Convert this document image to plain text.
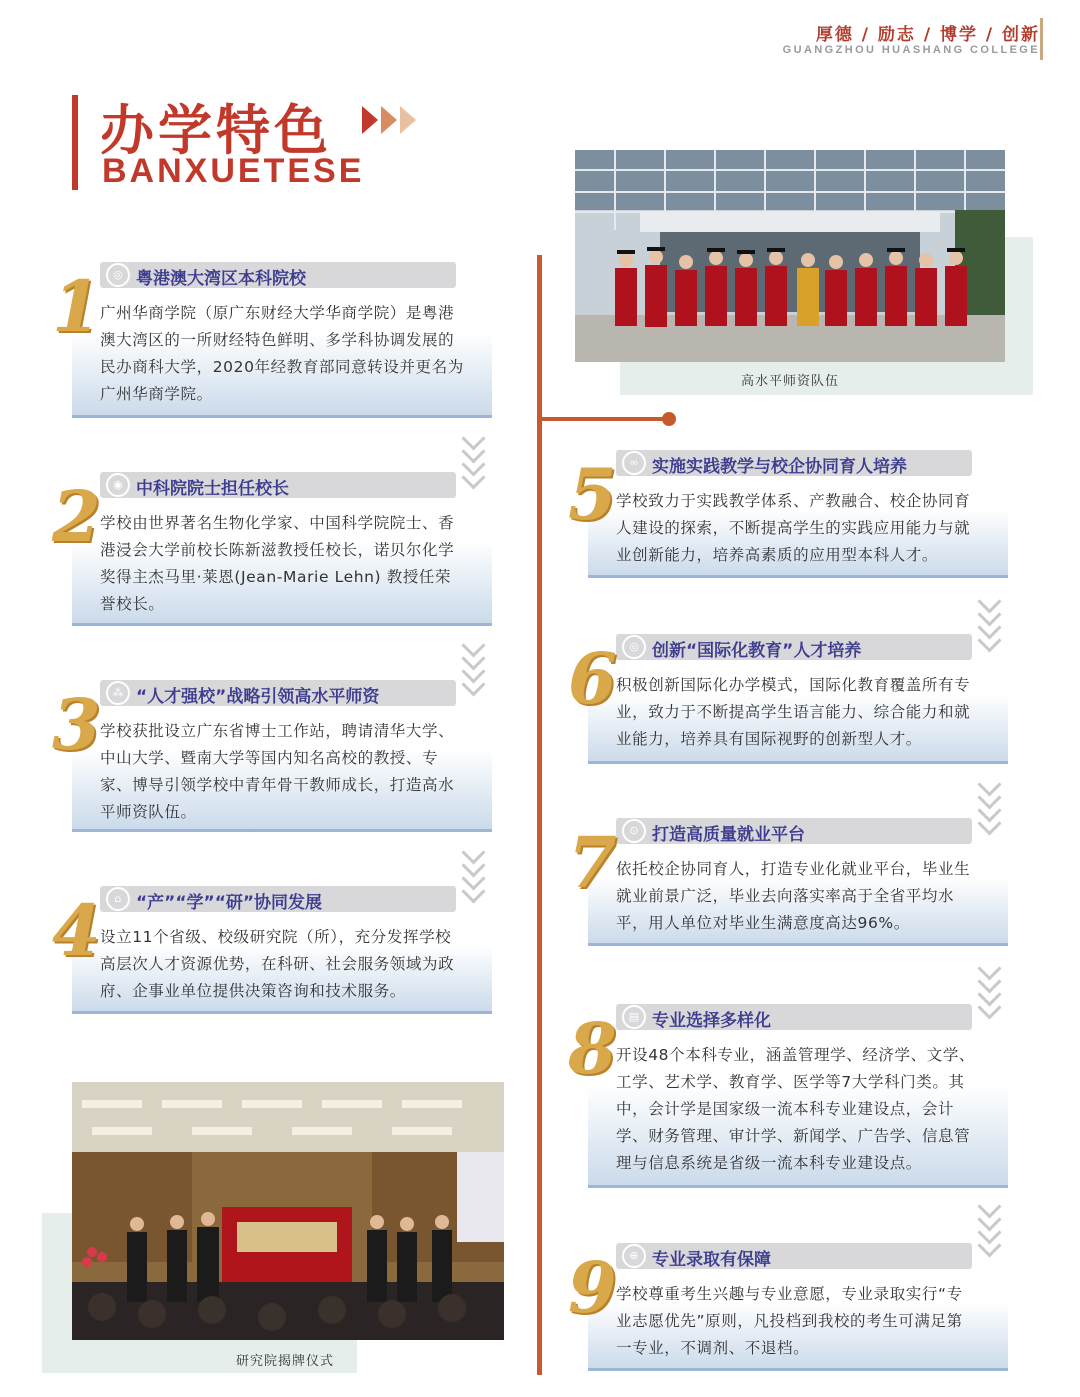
厚德 / 励志 / 博学 / 创新
GUANGZHOU HUASHANG COLLEGE
办学特色
BANXUETESE
高水平师资队伍
研究院揭牌仪式
◎ 粤港澳大湾区本科院校
1 广州华商学院（原广东财经大学华商学院）是粤港
澳大湾区的一所财经特色鲜明、多学科协调发展的
民办商科大学，2020年经教育部同意转设并更名为
广州华商学院。
◉ 中科院院士担任校长
2 学校由世界著名生物化学家、中国科学院院士、香
港浸会大学前校长陈新滋教授任校长，诺贝尔化学
奖得主杰马里·莱恩(Jean-Marie Lehn) 教授任荣
誉校长。
⁂ “人才强校”战略引领高水平师资
3 学校获批设立广东省博士工作站，聘请清华大学、
中山大学、暨南大学等国内知名高校的教授、专
家、博导引领学校中青年骨干教师成长，打造高水
平师资队伍。
⌂ “产”“学”“研”协同发展
4 设立11个省级、校级研究院（所），充分发挥学校
高层次人才资源优势，在科研、社会服务领域为政
府、企事业单位提供决策咨询和技术服务。
∞ 实施实践教学与校企协同育人培养
5 学校致力于实践教学体系、产教融合、校企协同育
人建设的探索，不断提高学生的实践应用能力与就
业创新能力，培养高素质的应用型本科人才。
◎ 创新“国际化教育”人才培养
6 积极创新国际化办学模式，国际化教育覆盖所有专
业，致力于不断提高学生语言能力、综合能力和就
业能力，培养具有国际视野的创新型人才。
⊙ 打造高质量就业平台
7 依托校企协同育人，打造专业化就业平台，毕业生
就业前景广泛，毕业去向落实率高于全省平均水
平，用人单位对毕业生满意度高达96%。
▤ 专业选择多样化
8 开设48个本科专业，涵盖管理学、经济学、文学、
工学、艺术学、教育学、医学等7大学科门类。其
中，会计学是国家级一流本科专业建设点，会计
学、财务管理、审计学、新闻学、广告学、信息管
理与信息系统是省级一流本科专业建设点。
⊕ 专业录取有保障
9 学校尊重考生兴趣与专业意愿，专业录取实行“专
业志愿优先”原则，凡投档到我校的考生可满足第
一专业，不调剂、不退档。
